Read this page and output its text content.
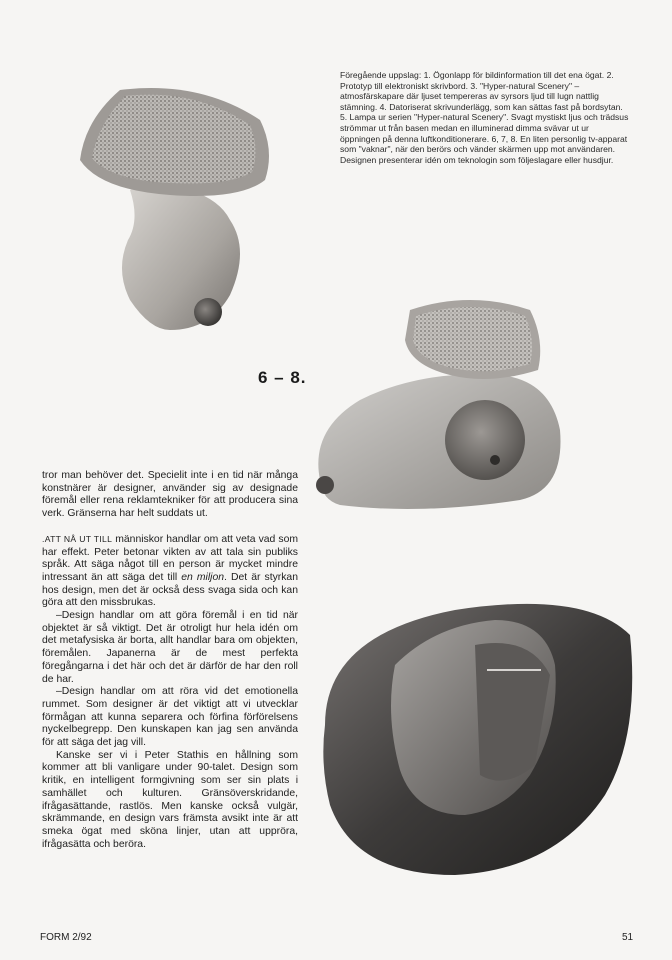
Föregående uppslag: 1. Ögonlapp för bildinformation till det ena ögat. 2. Prototyp till elektroniskt skrivbord. 3. "Hyper-natural Scenery" – atmosfärskapare där ljuset tempereras av syrsors ljud till lugn nattlig stämning. 4. Datoriserat skrivunderlägg, som kan sättas fast på bordsytan. 5. Lampa ur serien "Hyper-natural Scenery". Svagt mystiskt ljus och trädsus strömmar ut från basen medan en illuminerad dimma svävar ut ur öppningen på denna luftkonditionerare. 6, 7, 8. En liten personlig tv-apparat som "vaknar", när den berörs och vänder skärmen upp mot användaren. Designen presenterar idén om teknologin som följeslagare eller husdjur.

6 – 8.

tror man behöver det. Specielit inte i en tid när många konstnärer är designer, använder sig av designade föremål eller rena reklamtekniker för att producera sina verk. Gränserna har helt suddats ut.

.ATT NÅ UT TILL människor handlar om att veta vad som har effekt. Peter betonar vikten av att tala sin publiks språk. Att säga något till en person är mycket mindre intressant än att säga det till en miljon. Det är styrkan hos design, men det är också dess svaga sida och kan göra att den missbrukas.

–Design handlar om att göra föremål i en tid när objektet är så viktigt. Det är otroligt hur hela idén om det metafysiska är borta, allt handlar bara om objekten, föremålen. Japanerna är de mest perfekta föregångarna i det här och det är därför de har den roll de har.

–Design handlar om att röra vid det emotionella rummet. Som designer är det viktigt att vi utvecklar förmågan att kunna separera och förfina förförelsens nyckelbegrepp. Den kunskapen kan jag sen använda för att säga det jag vill.

Kanske ser vi i Peter Stathis en hållning som kommer att bli vanligare under 90-talet. Design som kritik, en intelligent formgivning som ser sin plats i samhället och kulturen. Gränsöverskridande, ifrågasättande, rastlös. Men kanske också vulgär, skrämmande, en design vars främsta avsikt inte är att smeka ögat med sköna linjer, utan att uppröra, ifrågasätta och beröra.

FORM 2/92	51
